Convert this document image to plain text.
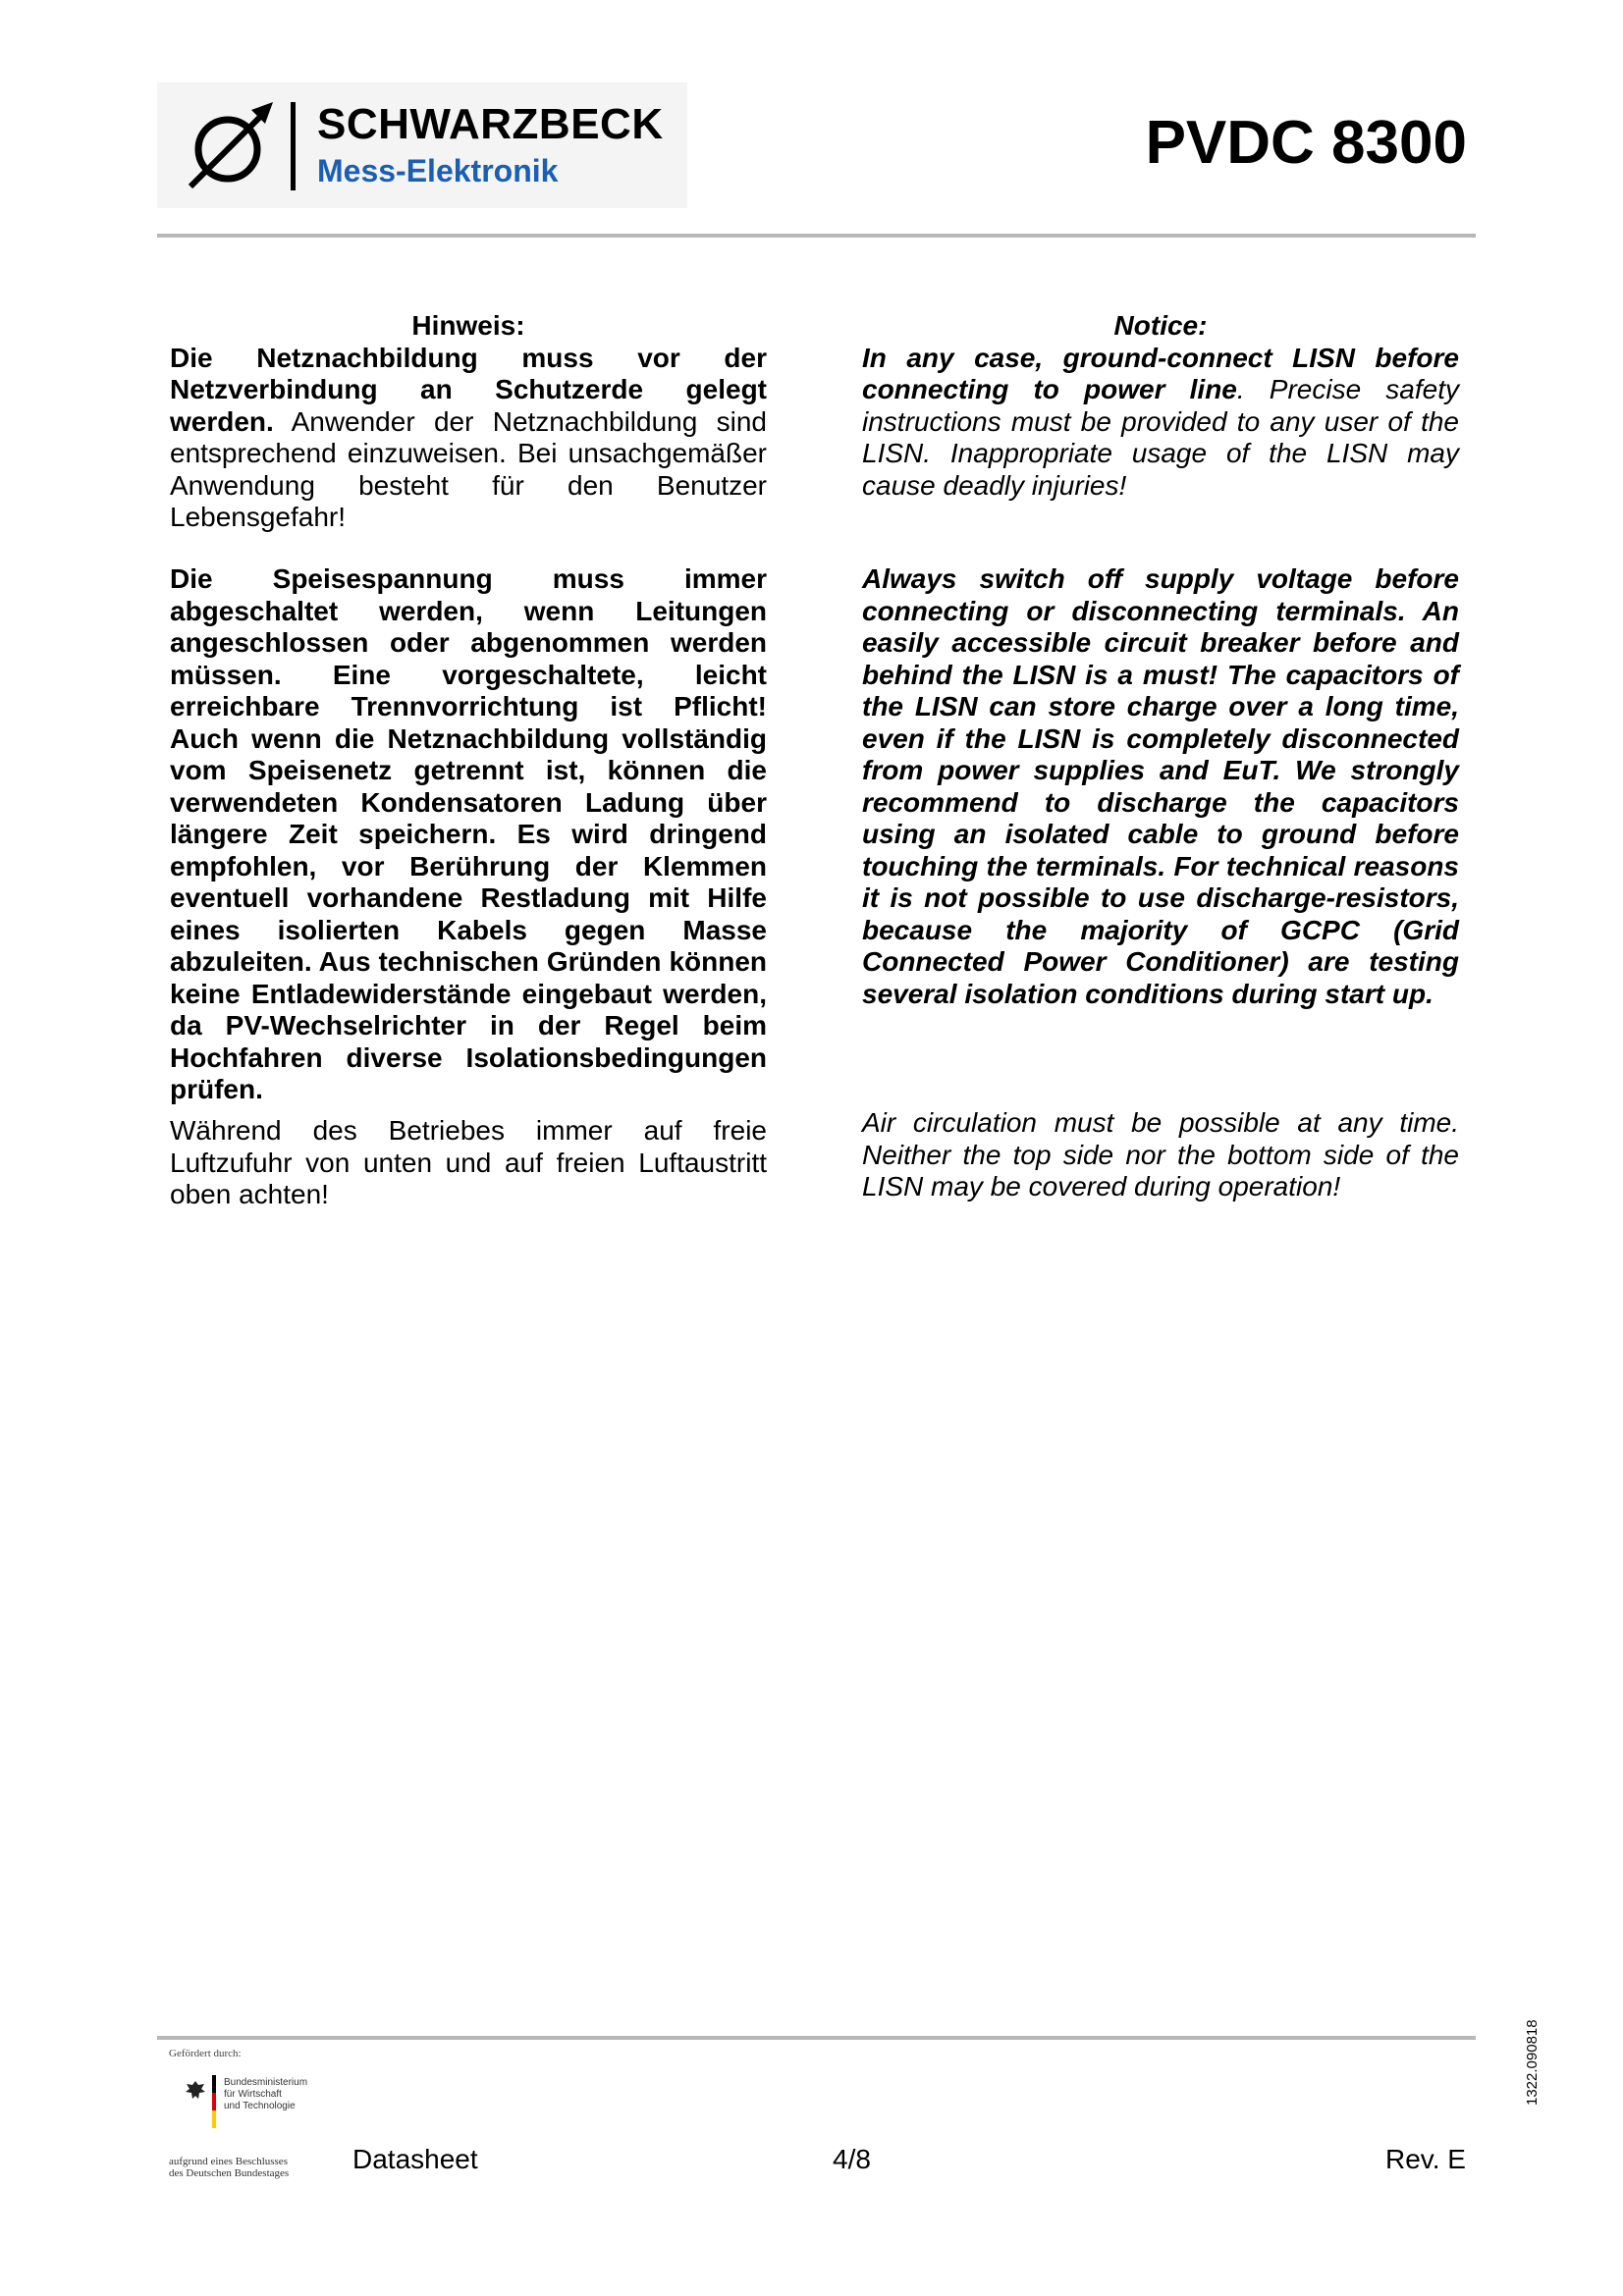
SCHWARZBECK
Mess-Elektronik	PVDC 8300

Hinweis:

Die Netznachbildung muss vor der Netzverbindung an Schutzerde gelegt werden. Anwender der Netznachbildung sind entsprechend einzuweisen. Bei unsachgemäßer Anwendung besteht für den Benutzer Lebensgefahr!

Die Speisespannung muss immer abgeschaltet werden, wenn Leitungen angeschlossen oder abgenommen werden müssen. Eine vorgeschaltete, leicht erreichbare Trennvorrichtung ist Pflicht! Auch wenn die Netznachbildung vollständig vom Speisenetz getrennt ist, können die verwendeten Kondensatoren Ladung über längere Zeit speichern. Es wird dringend empfohlen, vor Berührung der Klemmen eventuell vorhandene Restladung mit Hilfe eines isolierten Kabels gegen Masse abzuleiten. Aus technischen Gründen können keine Entladewiderstände eingebaut werden, da PV-Wechselrichter in der Regel beim Hochfahren diverse Isolationsbedingungen prüfen.

Während des Betriebes immer auf freie Luftzufuhr von unten und auf freien Luftaustritt oben achten!

Notice:

In any case, ground-connect LISN before connecting to power line. Precise safety instructions must be provided to any user of the LISN. Inappropriate usage of the LISN may cause deadly injuries!

Always switch off supply voltage before connecting or disconnecting terminals. An easily accessible circuit breaker before and behind the LISN is a must! The capacitors of the LISN can store charge over a long time, even if the LISN is completely disconnected from power supplies and EuT. We strongly recommend to discharge the capacitors using an isolated cable to ground before touching the terminals. For technical reasons it is not possible to use discharge-resistors, because the majority of GCPC (Grid Connected Power Conditioner) are testing several isolation conditions during start up.

Air circulation must be possible at any time. Neither the top side nor the bottom side of the LISN may be covered during operation!

Gefördert durch:
Bundesministerium
für Wirtschaft
und Technologie
aufgrund eines Beschlusses
des Deutschen Bundestages	Datasheet	4/8	Rev. E
1322.090818
